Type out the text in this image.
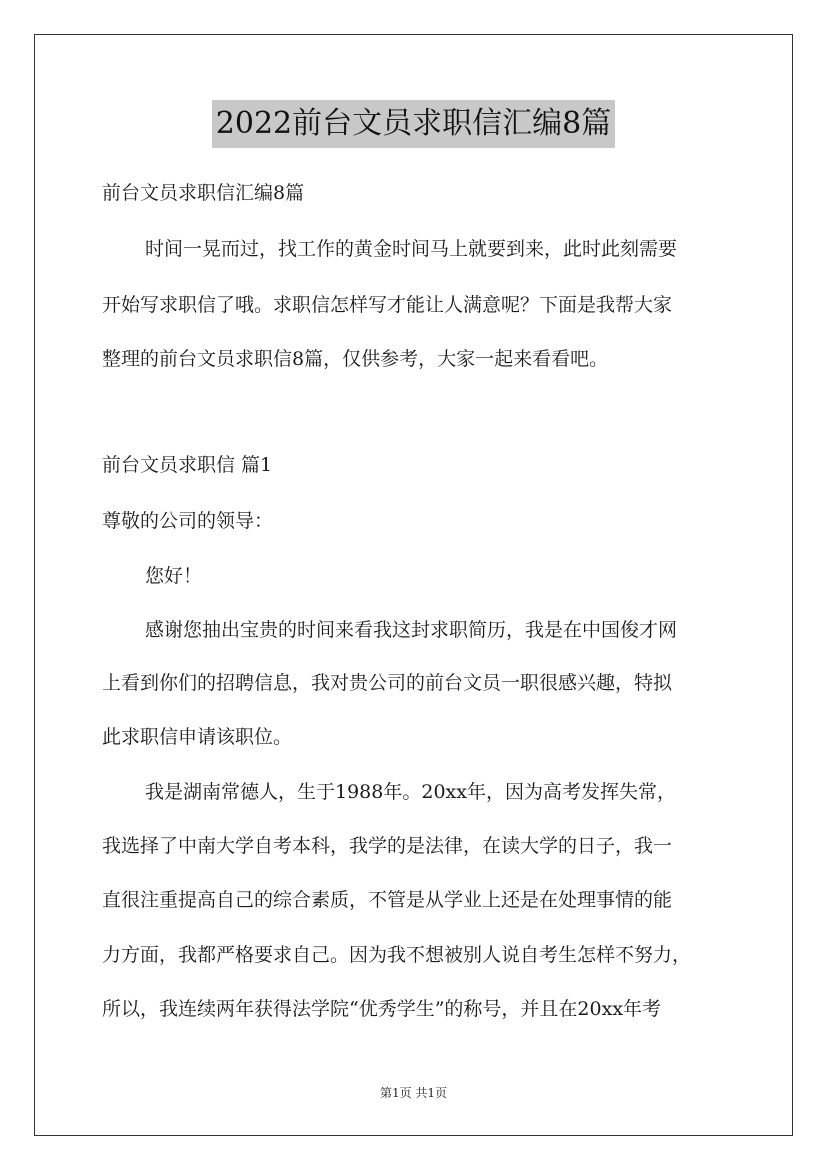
2022前台文员求职信汇编8篇
前台文员求职信汇编8篇
时间一晃而过，找工作的黄金时间马上就要到来，此时此刻需要
开始写求职信了哦。求职信怎样写才能让人满意呢？下面是我帮大家
整理的前台文员求职信8篇，仅供参考，大家一起来看看吧。
前台文员求职信 篇1
尊敬的公司的领导：
您好！
感谢您抽出宝贵的时间来看我这封求职简历，我是在中国俊才网
上看到你们的招聘信息，我对贵公司的前台文员一职很感兴趣，特拟
此求职信申请该职位。
我是湖南常德人，生于1988年。20xx年，因为高考发挥失常，
我选择了中南大学自考本科，我学的是法律，在读大学的日子，我一
直很注重提高自己的综合素质，不管是从学业上还是在处理事情的能
力方面，我都严格要求自己。因为我不想被别人说自考生怎样不努力，
所以，我连续两年获得法学院“优秀学生”的称号，并且在20xx年考
第1页 共1页
